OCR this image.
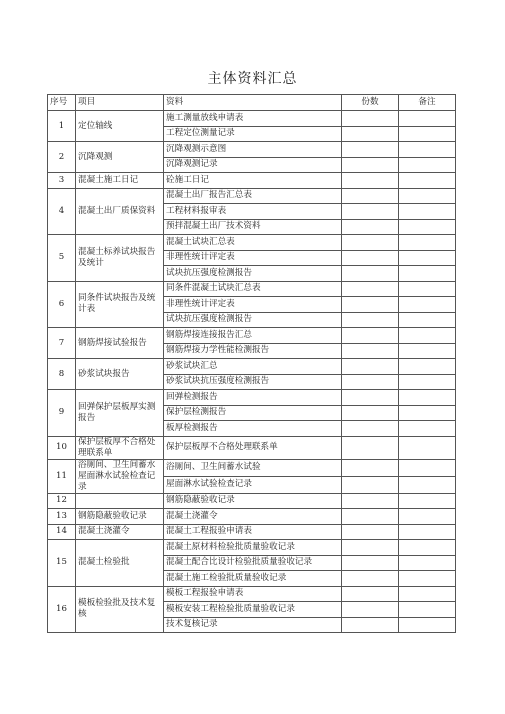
主体资料汇总
序号	项目	资料	份数	备注
1	定位轴线	施工测量放线申请表		
		工程定位测量记录		
2	沉降观测	沉降观测示意图		
		沉降观测记录		
3	混凝土施工日记	砼施工日记		
4	混凝土出厂质保资料	混凝土出厂报告汇总表		
		工程材料报审表		
		预拌混凝土出厂技术资料		
5	混凝土标养试块报告及统计	混凝土试块汇总表		
		非理性统计评定表		
		试块抗压强度检测报告		
6	同条件试块报告及统计表	同条件混凝土试块汇总表		
		非理性统计评定表		
		试块抗压强度检测报告		
7	钢筋焊接试验报告	钢筋焊接连接报告汇总		
		钢筋焊接力学性能检测报告		
8	砂浆试块报告	砂浆试块汇总		
		砂浆试块抗压强度检测报告		
9	回弹保护层板厚实测报告	回弹检测报告		
		保护层检测报告		
		板厚检测报告		
10	保护层板厚不合格处理联系单	保护层板厚不合格处理联系单		
11	浴厕间、卫生间蓄水屋面淋水试验检查记录	浴厕间、卫生间蓄水试验		
		屋面淋水试验检查记录		
12		钢筋隐蔽验收记录		
13	钢筋隐蔽验收记录	混凝土浇灌令		
14	混凝土浇灌令	混凝土工程报验申请表		
15	混凝土检验批	混凝土原材料检验批质量验收记录		
		混凝土配合比设计检验批质量验收记录		
		混凝土施工检验批质量验收记录		
16	模板检验批及技术复核	模板工程报验申请表		
		模板安装工程检验批质量验收记录		
		技术复核记录		
